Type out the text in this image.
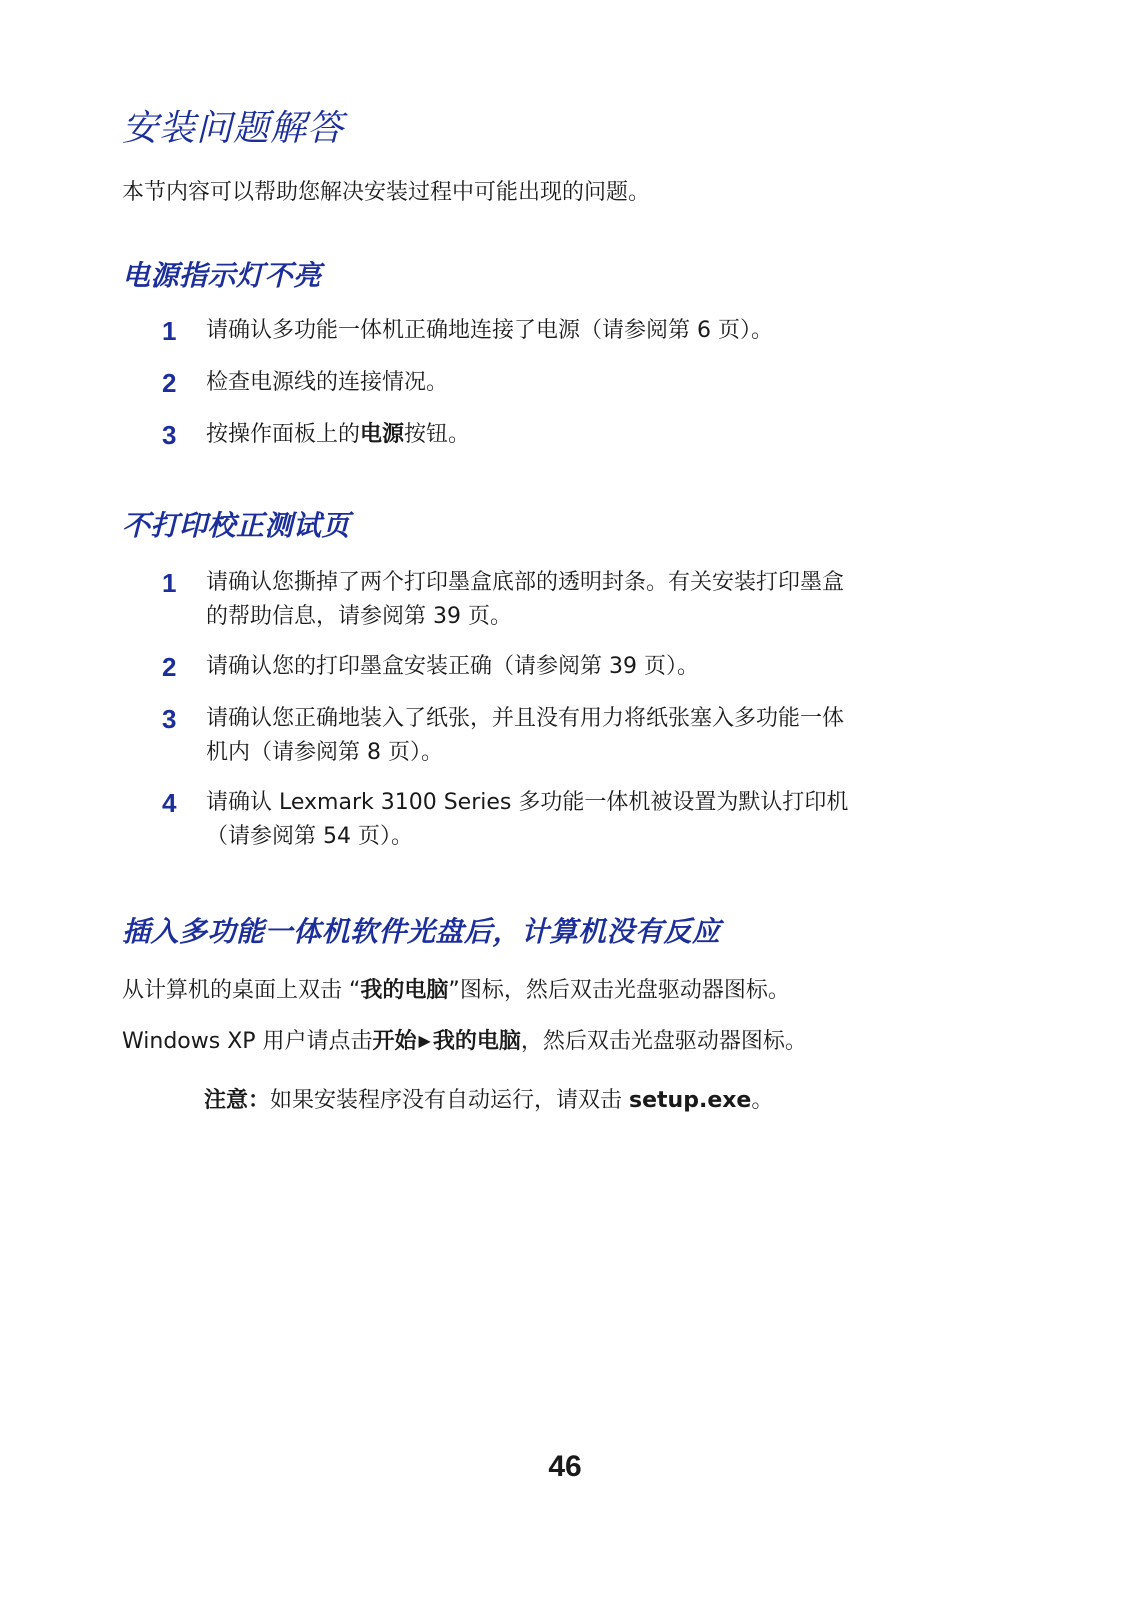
安装问题解答

本节内容可以帮助您解决安装过程中可能出现的问题。

电源指示灯不亮
1 请确认多功能一体机正确地连接了电源（请参阅第 6 页）。
2 检查电源线的连接情况。
3 按操作面板上的电源按钮。
不打印校正测试页
1 请确认您撕掉了两个打印墨盒底部的透明封条。有关安装打印墨盒
的帮助信息，请参阅第 39 页。
2 请确认您的打印墨盒安装正确（请参阅第 39 页）。
3 请确认您正确地装入了纸张，并且没有用力将纸张塞入多功能一体
机内（请参阅第 8 页）。
4 请确认 Lexmark 3100 Series 多功能一体机被设置为默认打印机
（请参阅第 54 页）。
插入多功能一体机软件光盘后，计算机没有反应

从计算机的桌面上双击 “我的电脑”图标，然后双击光盘驱动器图标。

Windows XP 用户请点击开始 ▶我的电脑，然后双击光盘驱动器图标。

注意：如果安装程序没有自动运行，请双击 setup.exe。

46
